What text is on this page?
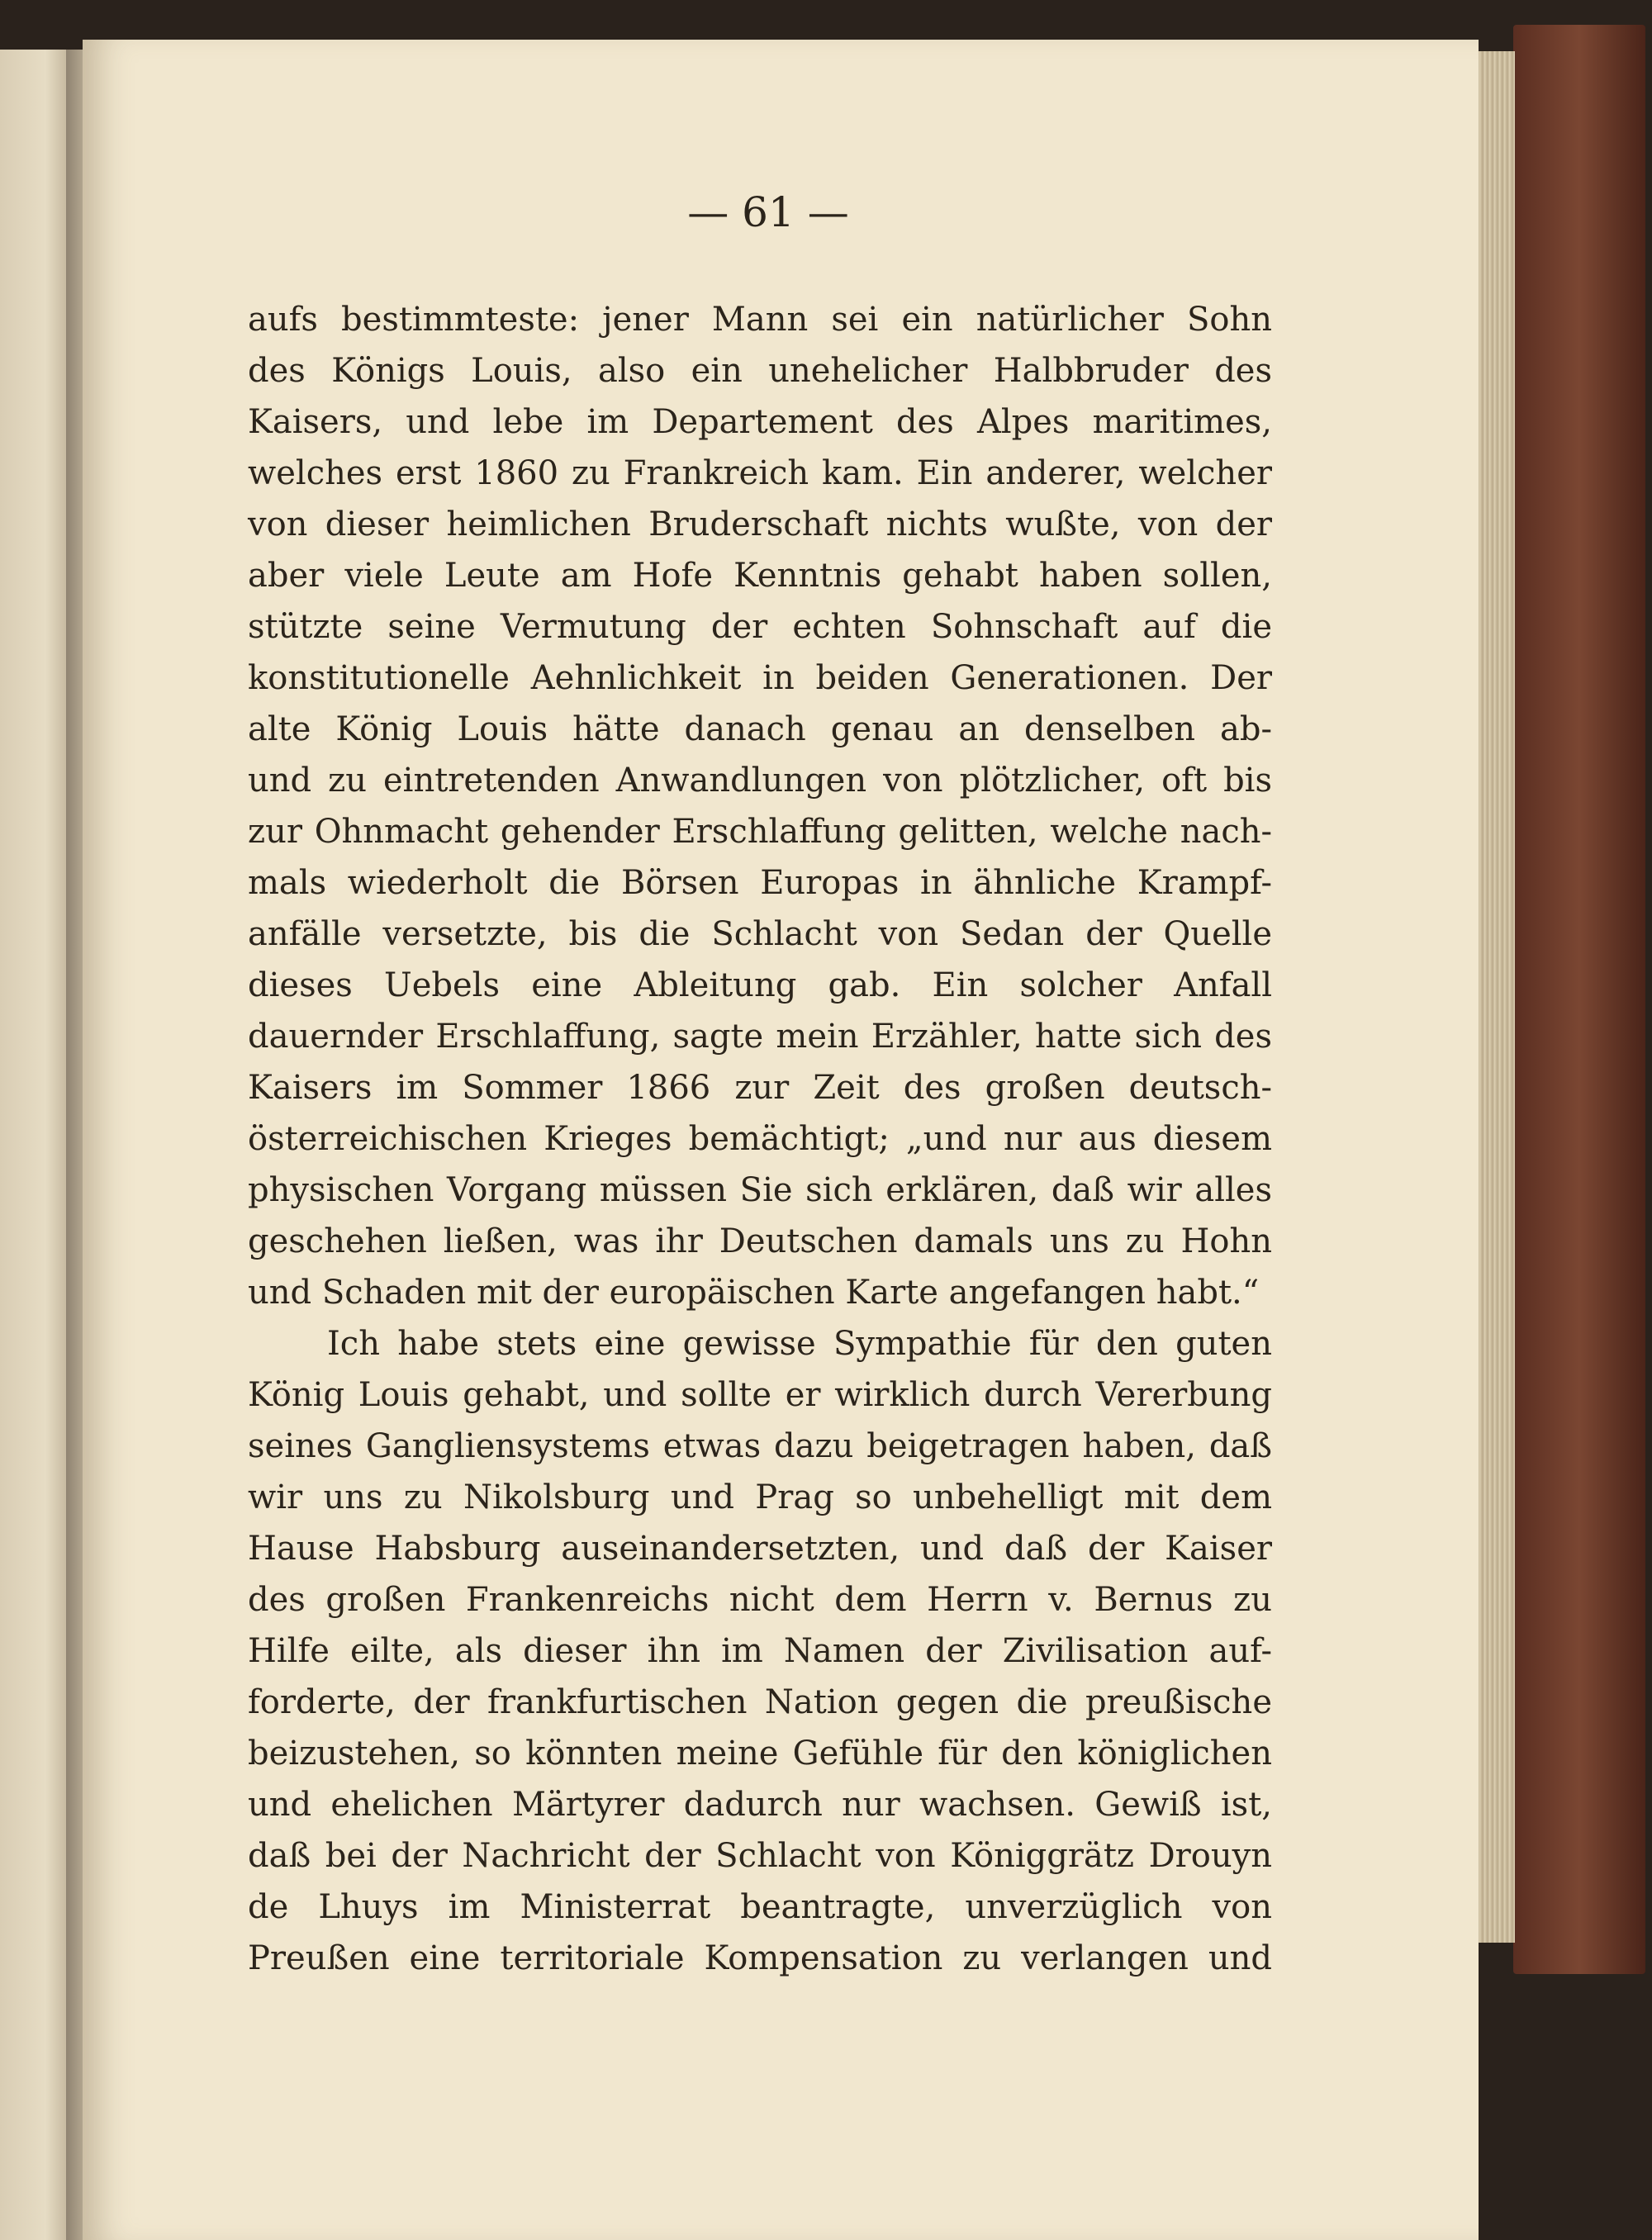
— 61 —
aufs bestimmteste: jener Mann sei ein natürlicher Sohn
des Königs Louis, also ein unehelicher Halbbruder des
Kaisers, und lebe im Departement des Alpes maritimes,
welches erst 1860 zu Frankreich kam. Ein anderer, welcher
von dieser heimlichen Bruderschaft nichts wußte, von der
aber viele Leute am Hofe Kenntnis gehabt haben sollen,
stützte seine Vermutung der echten Sohnschaft auf die
konstitutionelle Aehnlichkeit in beiden Generationen. Der
alte König Louis hätte danach genau an denselben ab-
und zu eintretenden Anwandlungen von plötzlicher, oft bis
zur Ohnmacht gehender Erschlaffung gelitten, welche nach-
mals wiederholt die Börsen Europas in ähnliche Krampf-
anfälle versetzte, bis die Schlacht von Sedan der Quelle
dieses Uebels eine Ableitung gab. Ein solcher Anfall
dauernder Erschlaffung, sagte mein Erzähler, hatte sich des
Kaisers im Sommer 1866 zur Zeit des großen deutsch-
österreichischen Krieges bemächtigt; „und nur aus diesem
physischen Vorgang müssen Sie sich erklären, daß wir alles
geschehen ließen, was ihr Deutschen damals uns zu Hohn
und Schaden mit der europäischen Karte angefangen habt.“
Ich habe stets eine gewisse Sympathie für den guten
König Louis gehabt, und sollte er wirklich durch Vererbung
seines Gangliensystems etwas dazu beigetragen haben, daß
wir uns zu Nikolsburg und Prag so unbehelligt mit dem
Hause Habsburg auseinandersetzten, und daß der Kaiser
des großen Frankenreichs nicht dem Herrn v. Bernus zu
Hilfe eilte, als dieser ihn im Namen der Zivilisation auf-
forderte, der frankfurtischen Nation gegen die preußische
beizustehen, so könnten meine Gefühle für den königlichen
und ehelichen Märtyrer dadurch nur wachsen. Gewiß ist,
daß bei der Nachricht der Schlacht von Königgrätz Drouyn
de Lhuys im Ministerrat beantragte, unverzüglich von
Preußen eine territoriale Kompensation zu verlangen und
